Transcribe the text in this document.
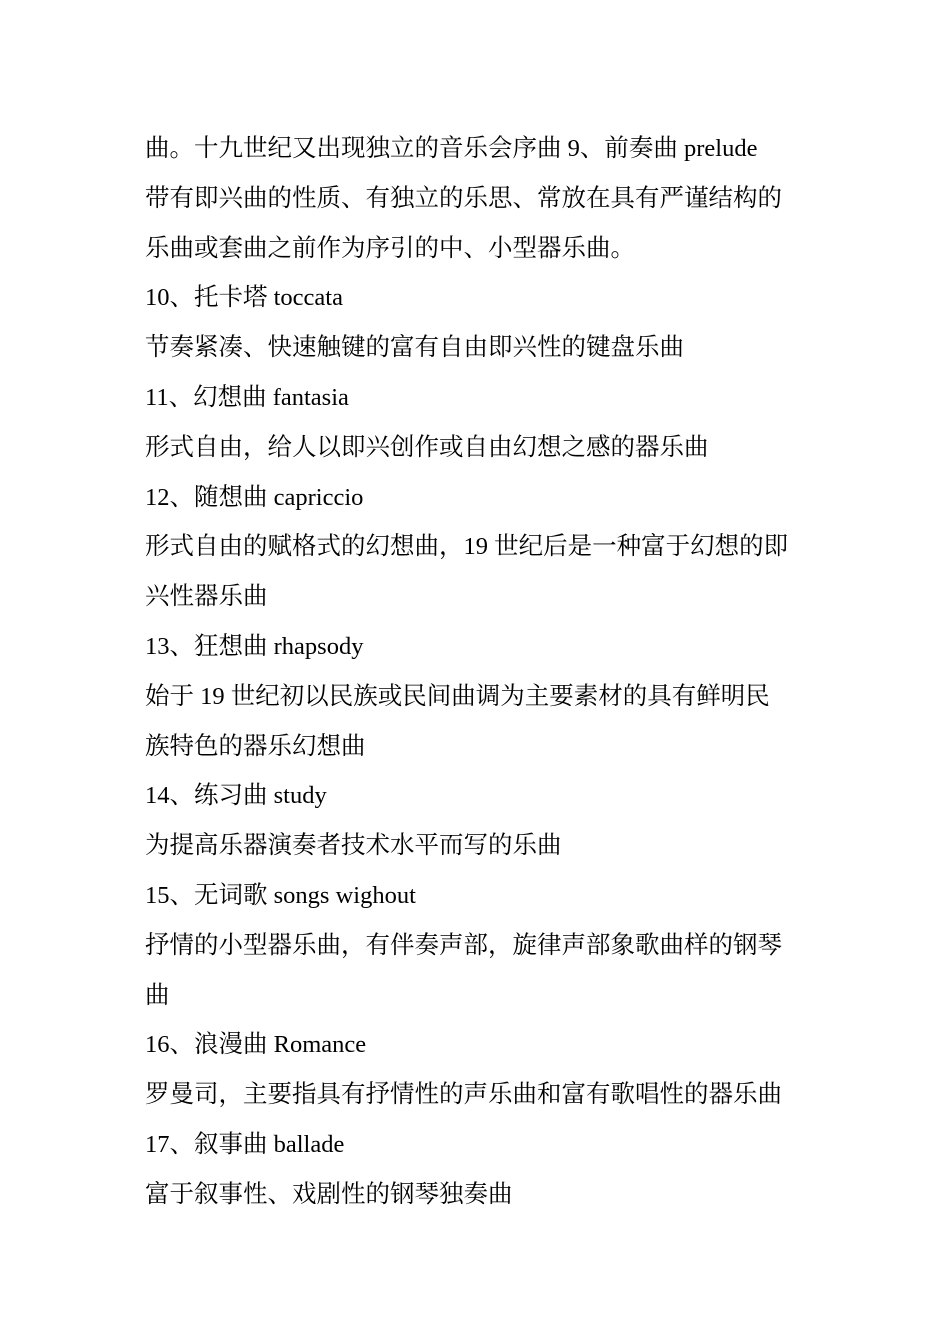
曲。十九世纪又出现独立的音乐会序曲 9、前奏曲 prelude
带有即兴曲的性质、有独立的乐思、常放在具有严谨结构的
乐曲或套曲之前作为序引的中、小型器乐曲。
10、托卡塔 toccata
节奏紧凑、快速触键的富有自由即兴性的键盘乐曲
11、幻想曲 fantasia
形式自由，给人以即兴创作或自由幻想之感的器乐曲
12、随想曲 capriccio
形式自由的赋格式的幻想曲，19 世纪后是一种富于幻想的即
兴性器乐曲
13、狂想曲 rhapsody
始于 19 世纪初以民族或民间曲调为主要素材的具有鲜明民
族特色的器乐幻想曲
14、练习曲 study
为提高乐器演奏者技术水平而写的乐曲
15、无词歌 songs wighout
抒情的小型器乐曲，有伴奏声部，旋律声部象歌曲样的钢琴
曲
16、浪漫曲 Romance
罗曼司，主要指具有抒情性的声乐曲和富有歌唱性的器乐曲
17、叙事曲 ballade
富于叙事性、戏剧性的钢琴独奏曲
